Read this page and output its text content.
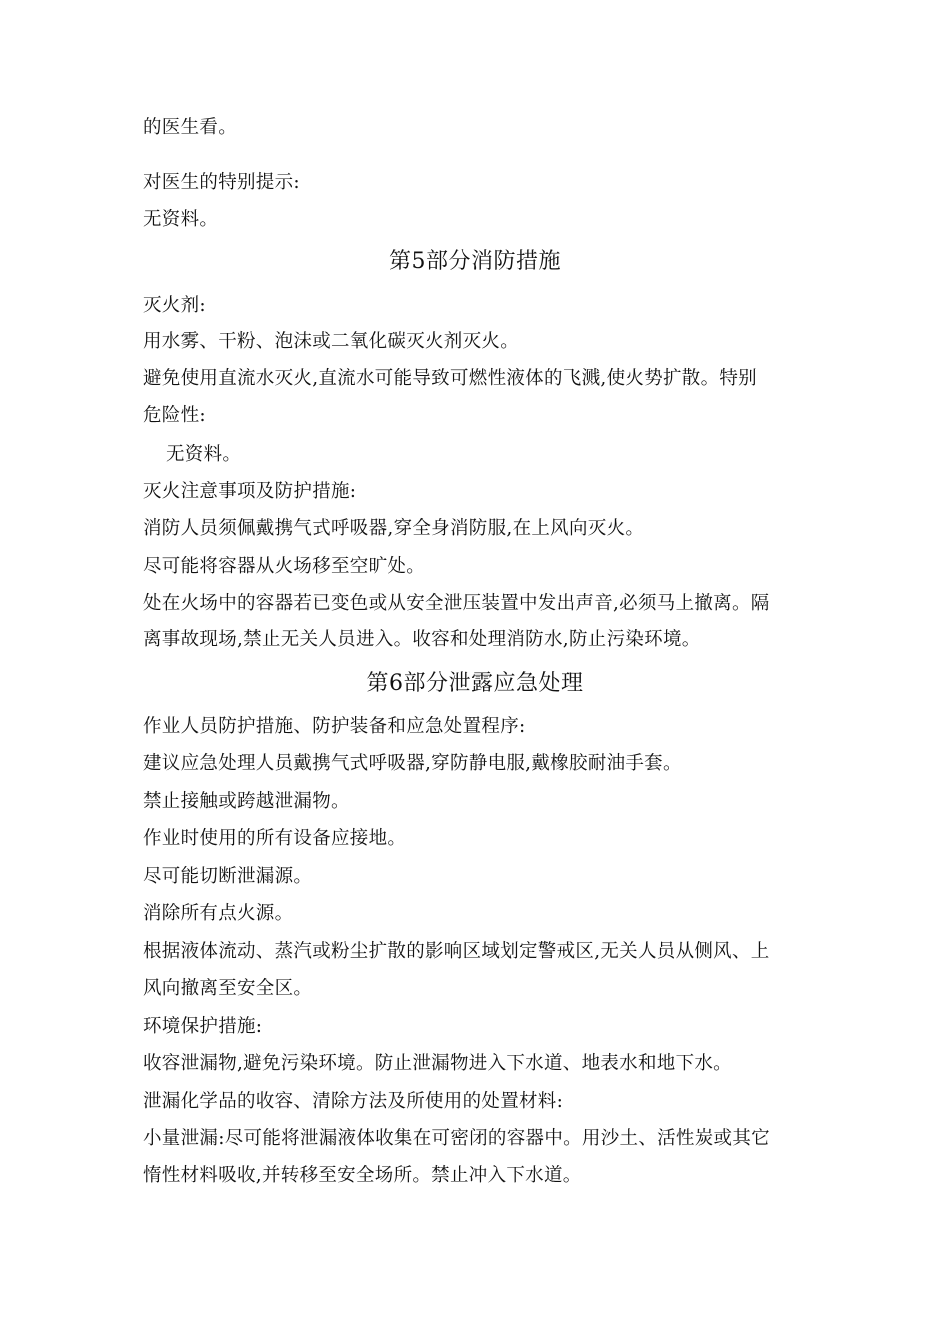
的医生看。
对医生的特别提示:
无资料。
第5部分消防措施
灭火剂:
用水雾、干粉、泡沫或二氧化碳灭火剂灭火。
避免使用直流水灭火,直流水可能导致可燃性液体的飞溅,使火势扩散。特别
危险性:
无资料。
灭火注意事项及防护措施:
消防人员须佩戴携气式呼吸器,穿全身消防服,在上风向灭火。
尽可能将容器从火场移至空旷处。
处在火场中的容器若已变色或从安全泄压装置中发出声音,必须马上撤离。隔
离事故现场,禁止无关人员进入。收容和处理消防水,防止污染环境。
第6部分泄露应急处理
作业人员防护措施、防护装备和应急处置程序:
建议应急处理人员戴携气式呼吸器,穿防静电服,戴橡胶耐油手套。
禁止接触或跨越泄漏物。
作业时使用的所有设备应接地。
尽可能切断泄漏源。
消除所有点火源。
根据液体流动、蒸汽或粉尘扩散的影响区域划定警戒区,无关人员从侧风、上
风向撤离至安全区。
环境保护措施:
收容泄漏物,避免污染环境。防止泄漏物进入下水道、地表水和地下水。
泄漏化学品的收容、清除方法及所使用的处置材料:
小量泄漏:尽可能将泄漏液体收集在可密闭的容器中。用沙土、活性炭或其它
惰性材料吸收,并转移至安全场所。禁止冲入下水道。
